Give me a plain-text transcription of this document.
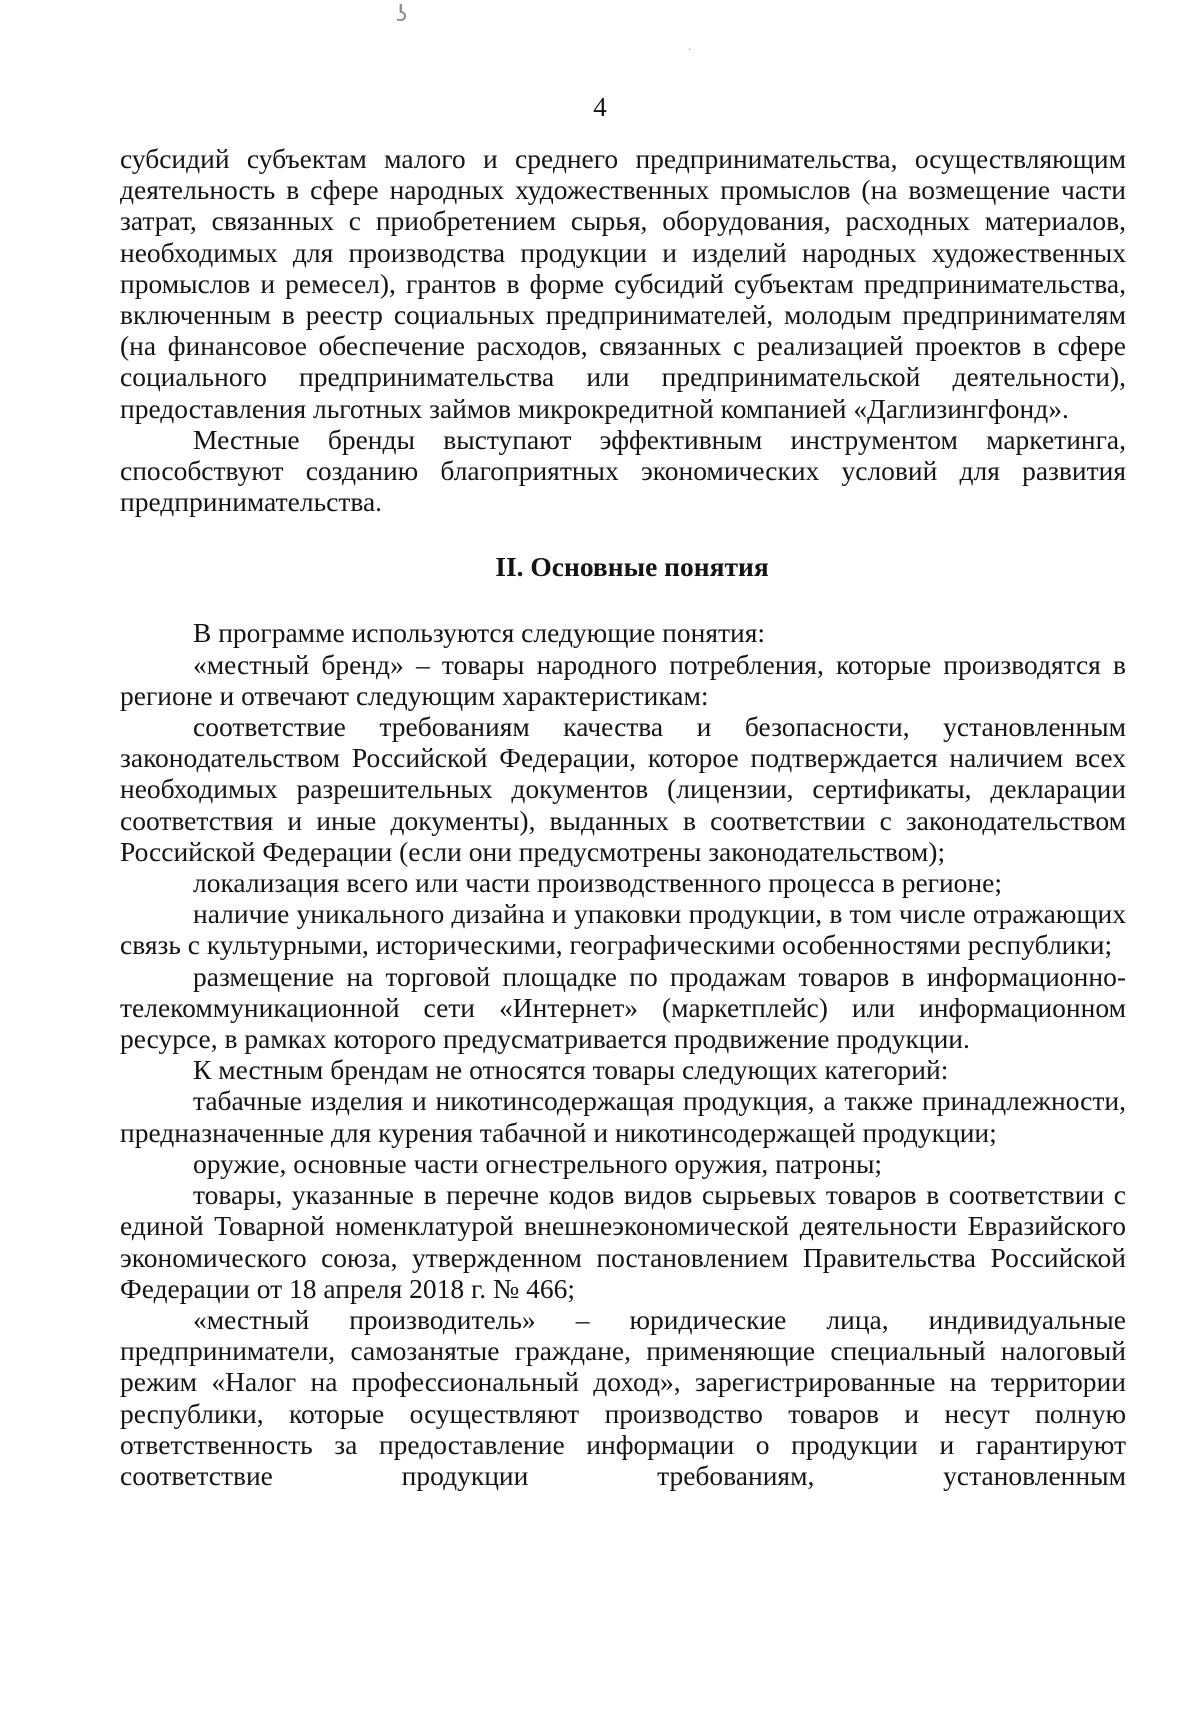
ʖ
·
4

субсидий субъектам малого и среднего предпринимательства, осуществляющим деятельность в сфере народных художественных промыслов (на возмещение части затрат, связанных с приобретением сырья, оборудования, расходных материалов, необходимых для производства продукции и изделий народных художественных промыслов и ремесел), грантов в форме субсидий субъектам предпринимательства, включенным в реестр социальных предпринимателей, молодым предпринимателям (на финансовое обеспечение расходов, связанных с реализацией проектов в сфере социального предпринимательства или предпринимательской деятельности), предоставления льготных займов микрокредитной компанией «Даглизингфонд».

Местные бренды выступают эффективным инструментом маркетинга, способствуют созданию благоприятных экономических условий для развития предпринимательства.

II. Основные понятия

В программе используются следующие понятия:

«местный бренд» – товары народного потребления, которые производятся в регионе и отвечают следующим характеристикам:

соответствие требованиям качества и безопасности, установленным законодательством Российской Федерации, которое подтверждается наличием всех необходимых разрешительных документов (лицензии, сертификаты, декларации соответствия и иные документы), выданных в соответствии с законодательством Российской Федерации (если они предусмотрены законодательством);

локализация всего или части производственного процесса в регионе;

наличие уникального дизайна и упаковки продукции, в том числе отражающих связь с культурными, историческими, географическими особенностями республики;

размещение на торговой площадке по продажам товаров в информационно-телекоммуникационной сети «Интернет» (маркетплейс) или информационном ресурсе, в рамках которого предусматривается продвижение продукции.

К местным брендам не относятся товары следующих категорий:

табачные изделия и никотинсодержащая продукция, а также принадлежности, предназначенные для курения табачной и никотинсодержащей продукции;

оружие, основные части огнестрельного оружия, патроны;

товары, указанные в перечне кодов видов сырьевых товаров в соответствии с единой Товарной номенклатурой внешнеэкономической деятельности Евразийского экономического союза, утвержденном постановлением Правительства Российской Федерации от 18 апреля 2018 г. № 466;

«местный производитель» – юридические лица, индивидуальные предприниматели, самозанятые граждане, применяющие специальный налоговый режим «Налог на профессиональный доход», зарегистрированные на территории республики, которые осуществляют производство товаров и несут полную ответственность за предоставление информации о продукции и гарантируют соответствие продукции требованиям, установленным
